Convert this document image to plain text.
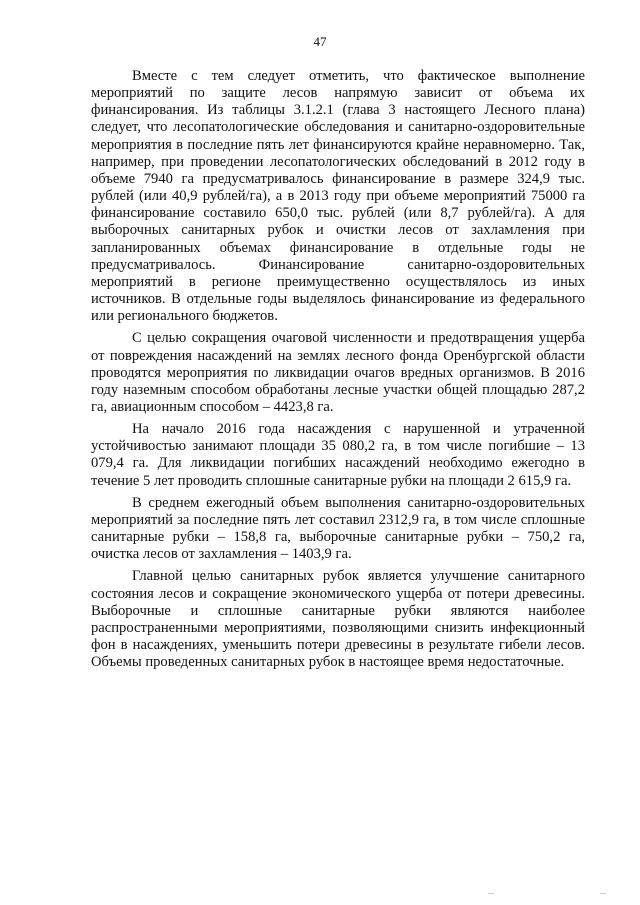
47

Вместе с тем следует отметить, что фактическое выполнение мероприятий по защите лесов напрямую зависит от объема их финансирования. Из таблицы 3.1.2.1 (глава 3 настоящего Лесного плана) следует, что лесопатологические обследования и санитарно-оздоровительные мероприятия в последние пять лет финансируются крайне неравномерно. Так, например, при проведении лесопатологических обследований в 2012 году в объеме 7940 га предусматривалось финансирование в размере 324,9 тыс. рублей (или 40,9 рублей/га), а в 2013 году при объеме мероприятий 75000 га финансирование составило 650,0 тыс. рублей (или 8,7 рублей/га). А для выборочных санитарных рубок и очистки лесов от захламления при запланированных объемах финансирование в отдельные годы не предусматривалось. Финансирование санитарно-оздоровительных мероприятий в регионе преимущественно осуществлялось из иных источников. В отдельные годы выделялось финансирование из федерального или регионального бюджетов.

С целью сокращения очаговой численности и предотвращения ущерба от повреждения насаждений на землях лесного фонда Оренбургской области проводятся мероприятия по ликвидации очагов вредных организмов. В 2016 году наземным способом обработаны лесные участки общей площадью 287,2 га, авиационным способом – 4423,8 га.

На начало 2016 года насаждения с нарушенной и утраченной устойчивостью занимают площади 35 080,2 га, в том числе погибшие – 13 079,4 га. Для ликвидации погибших насаждений необходимо ежегодно в течение 5 лет проводить сплошные санитарные рубки на площади 2 615,9 га.

В среднем ежегодный объем выполнения санитарно-оздоровительных мероприятий за последние пять лет составил 2312,9 га, в том числе сплошные санитарные рубки – 158,8 га, выборочные санитарные рубки – 750,2 га, очистка лесов от захламления – 1403,9 га.

Главной целью санитарных рубок является улучшение санитарного состояния лесов и сокращение экономического ущерба от потери древесины. Выборочные и сплошные санитарные рубки являются наиболее распространенными мероприятиями, позволяющими снизить инфекционный фон в насаждениях, уменьшить потери древесины в результате гибели лесов. Объемы проведенных санитарных рубок в настоящее время недостаточные.
